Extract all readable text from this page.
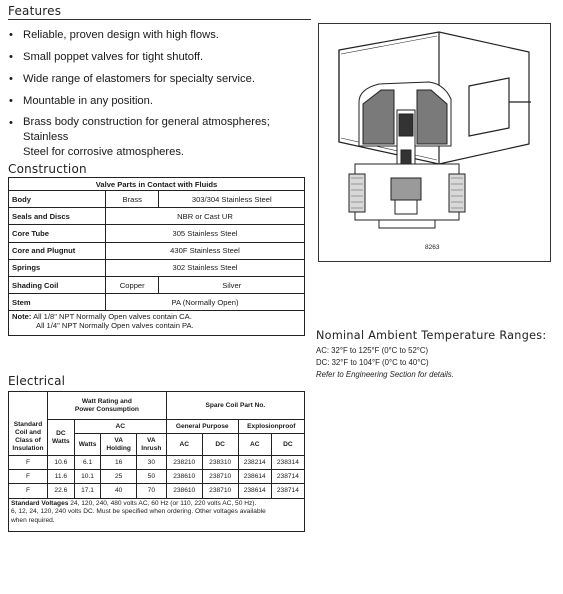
Features
• Reliable, proven design with high flows.
• Small poppet valves for tight shutoff.
• Wide range of elastomers for specialty service.
• Mountable in any position.
• Brass body construction for general atmospheres; Stainless
Steel for corrosive atmospheres.
Construction
Valve Parts in Contact with Fluids		
Body	Brass	303/304 Stainless Steel
Seals and Discs	NBR or Cast UR	
Core Tube	305 Stainless Steel	
Core and Plugnut	430F Stainless Steel	
Springs	302 Stainless Steel	
Shading Coil	Copper	Silver
Stem	PA (Normally Open)	
Note: All 1/8" NPT Normally Open valves contain CA.
All 1/4" NPT Normally Open valves contain PA.		
8263
Nominal Ambient Temperature Ranges:
AC: 32°F to 125°F (0°C to 52°C)
DC: 32°F to 104°F (0°C to 40°C)
Refer to Engineering Section for details.
Electrical
Standard
Coil and
Class of
Insulation	Watt Rating and
Power Consumption				Spare Coil Part No.			
	DC
Watts	AC			General Purpose		Explosionproof	
		Watts	VA
Holding	VA
Inrush	AC	DC	AC	DC
F	10.6	6.1	16	30	238210	238310	238214	238314
F	11.6	10.1	25	50	238610	238710	238614	238714
F	22.6	17.1	40	70	238610	238710	238614	238714
Standard Voltages 24, 120, 240, 480 volts AC, 60 Hz (or 110, 220 volts AC, 50 Hz).
6, 12, 24, 120, 240 volts DC. Must be specified when ordering. Other voltages available
when required.								
